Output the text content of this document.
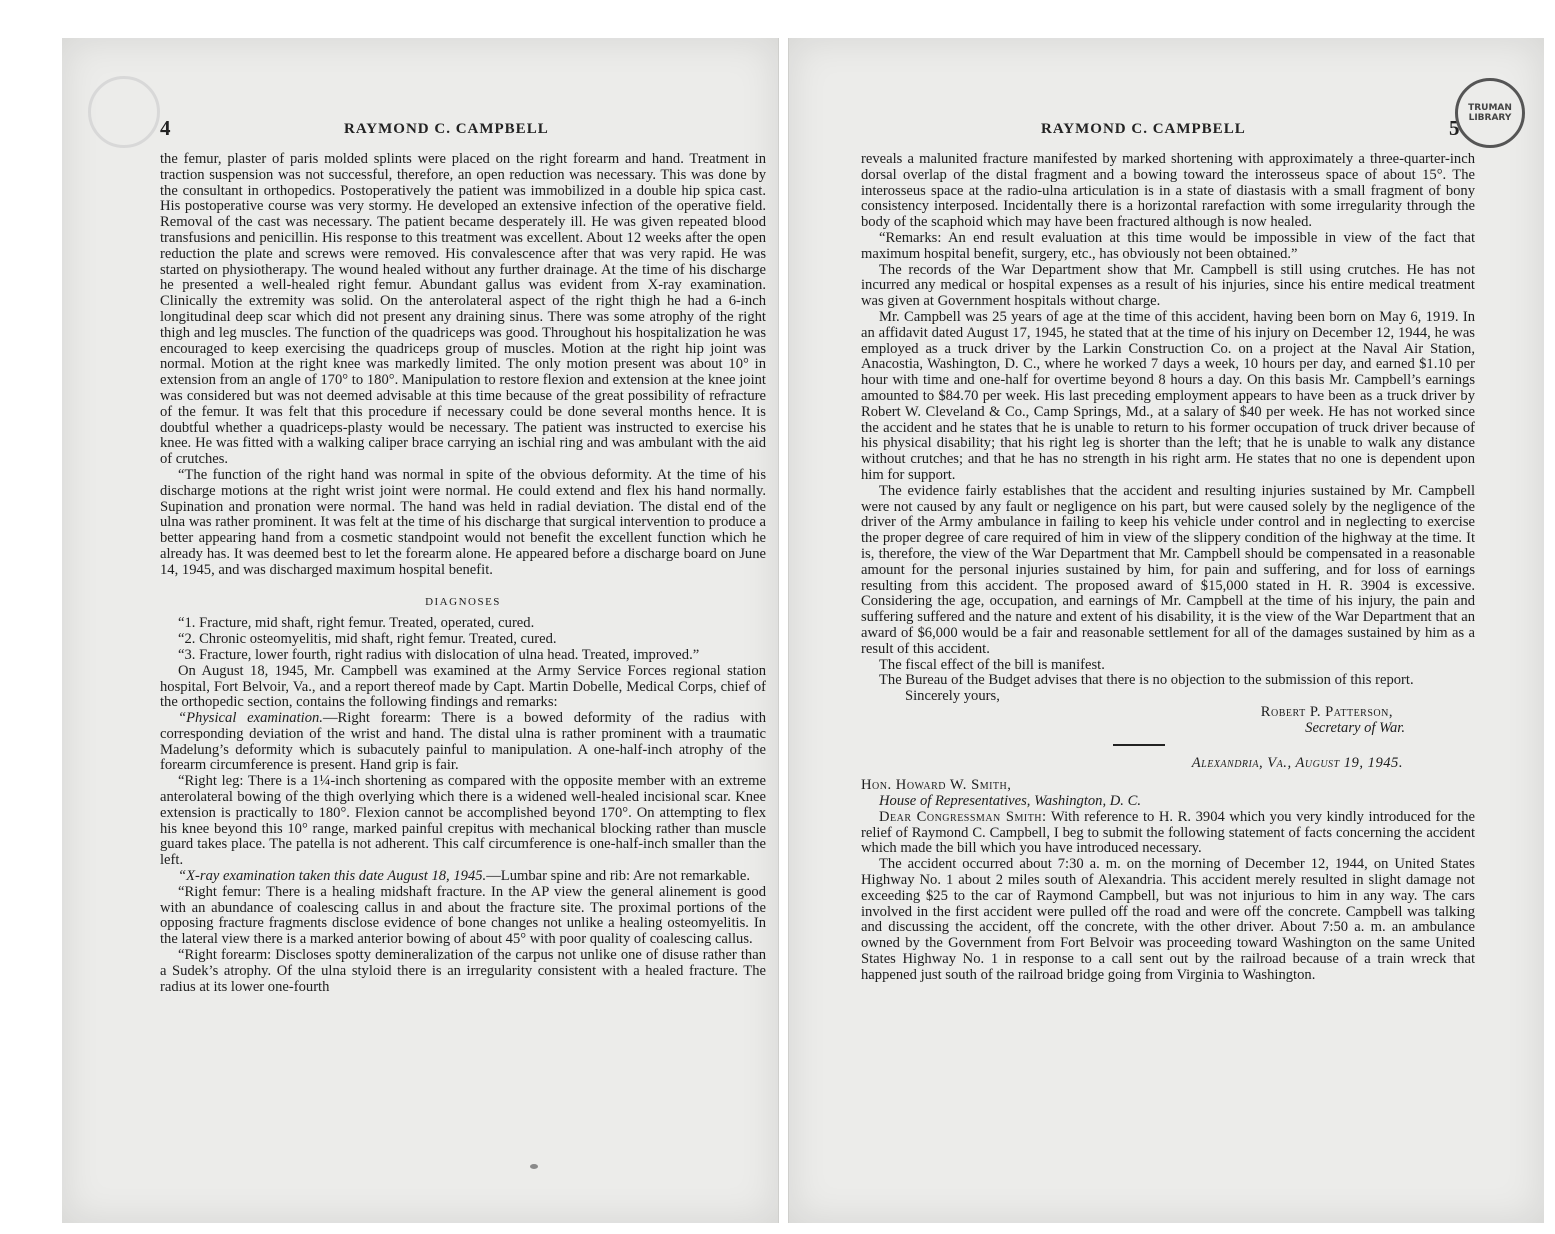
4	RAYMOND C. CAMPBELL

the femur, plaster of paris molded splints were placed on the right forearm and hand. Treatment in traction suspension was not successful, therefore, an open reduction was necessary. This was done by the consultant in orthopedics. Postoperatively the patient was immobilized in a double hip spica cast. His postoperative course was very stormy. He developed an extensive infection of the operative field. Removal of the cast was necessary. The patient became desperately ill. He was given repeated blood transfusions and penicillin. His response to this treatment was excellent. About 12 weeks after the open reduction the plate and screws were removed. His convalescence after that was very rapid. He was started on physiotherapy. The wound healed without any further drainage. At the time of his discharge he presented a well-healed right femur. Abundant gallus was evident from X-ray examination. Clinically the extremity was solid. On the anterolateral aspect of the right thigh he had a 6-inch longitudinal deep scar which did not present any draining sinus. There was some atrophy of the right thigh and leg muscles. The function of the quadriceps was good. Throughout his hospitalization he was encouraged to keep exercising the quadriceps group of muscles. Motion at the right hip joint was normal. Motion at the right knee was markedly limited. The only motion present was about 10° in extension from an angle of 170° to 180°. Manipulation to restore flexion and extension at the knee joint was considered but was not deemed advisable at this time because of the great possibility of refracture of the femur. It was felt that this procedure if necessary could be done several months hence. It is doubtful whether a quadriceps-plasty would be necessary. The patient was instructed to exercise his knee. He was fitted with a walking caliper brace carrying an ischial ring and was ambulant with the aid of crutches.

“The function of the right hand was normal in spite of the obvious deformity. At the time of his discharge motions at the right wrist joint were normal. He could extend and flex his hand normally. Supination and pronation were normal. The hand was held in radial deviation. The distal end of the ulna was rather prominent. It was felt at the time of his discharge that surgical intervention to produce a better appearing hand from a cosmetic standpoint would not benefit the excellent function which he already has. It was deemed best to let the forearm alone. He appeared before a discharge board on June 14, 1945, and was discharged maximum hospital benefit.

DIAGNOSES

“1. Fracture, mid shaft, right femur. Treated, operated, cured.

“2. Chronic osteomyelitis, mid shaft, right femur. Treated, cured.

“3. Fracture, lower fourth, right radius with dislocation of ulna head. Treated, improved.”

On August 18, 1945, Mr. Campbell was examined at the Army Service Forces regional station hospital, Fort Belvoir, Va., and a report thereof made by Capt. Martin Dobelle, Medical Corps, chief of the orthopedic section, contains the following findings and remarks:

“Physical examination.—Right forearm: There is a bowed deformity of the radius with corresponding deviation of the wrist and hand. The distal ulna is rather prominent with a traumatic Madelung’s deformity which is subacutely painful to manipulation. A one-half-inch atrophy of the forearm circumference is present. Hand grip is fair.

“Right leg: There is a 1¼-inch shortening as compared with the opposite member with an extreme anterolateral bowing of the thigh overlying which there is a widened well-healed incisional scar. Knee extension is practically to 180°. Flexion cannot be accomplished beyond 170°. On attempting to flex his knee beyond this 10° range, marked painful crepitus with mechanical blocking rather than muscle guard takes place. The patella is not adherent. This calf circumference is one-half-inch smaller than the left.

“X-ray examination taken this date August 18, 1945.—Lumbar spine and rib: Are not remarkable.

“Right femur: There is a healing midshaft fracture. In the AP view the general alinement is good with an abundance of coalescing callus in and about the fracture site. The proximal portions of the opposing fracture fragments disclose evidence of bone changes not unlike a healing osteomyelitis. In the lateral view there is a marked anterior bowing of about 45° with poor quality of coalescing callus.

“Right forearm: Discloses spotty demineralization of the carpus not unlike one of disuse rather than a Sudek’s atrophy. Of the ulna styloid there is an irregularity consistent with a healed fracture. The radius at its lower one-fourth

RAYMOND C. CAMPBELL	5
TRUMAN LIBRARY

reveals a malunited fracture manifested by marked shortening with approximately a three-quarter-inch dorsal overlap of the distal fragment and a bowing toward the interosseus space of about 15°. The interosseus space at the radio-ulna articulation is in a state of diastasis with a small fragment of bony consistency interposed. Incidentally there is a horizontal rarefaction with some irregularity through the body of the scaphoid which may have been fractured although is now healed.

“Remarks: An end result evaluation at this time would be impossible in view of the fact that maximum hospital benefit, surgery, etc., has obviously not been obtained.”

The records of the War Department show that Mr. Campbell is still using crutches. He has not incurred any medical or hospital expenses as a result of his injuries, since his entire medical treatment was given at Government hospitals without charge.

Mr. Campbell was 25 years of age at the time of this accident, having been born on May 6, 1919. In an affidavit dated August 17, 1945, he stated that at the time of his injury on December 12, 1944, he was employed as a truck driver by the Larkin Construction Co. on a project at the Naval Air Station, Anacostia, Washington, D. C., where he worked 7 days a week, 10 hours per day, and earned $1.10 per hour with time and one-half for overtime beyond 8 hours a day. On this basis Mr. Campbell’s earnings amounted to $84.70 per week. His last preceding employment appears to have been as a truck driver by Robert W. Cleveland & Co., Camp Springs, Md., at a salary of $40 per week. He has not worked since the accident and he states that he is unable to return to his former occupation of truck driver because of his physical disability; that his right leg is shorter than the left; that he is unable to walk any distance without crutches; and that he has no strength in his right arm. He states that no one is dependent upon him for support.

The evidence fairly establishes that the accident and resulting injuries sustained by Mr. Campbell were not caused by any fault or negligence on his part, but were caused solely by the negligence of the driver of the Army ambulance in failing to keep his vehicle under control and in neglecting to exercise the proper degree of care required of him in view of the slippery condition of the highway at the time. It is, therefore, the view of the War Department that Mr. Campbell should be compensated in a reasonable amount for the personal injuries sustained by him, for pain and suffering, and for loss of earnings resulting from this accident. The proposed award of $15,000 stated in H. R. 3904 is excessive. Considering the age, occupation, and earnings of Mr. Campbell at the time of his injury, the pain and suffering suffered and the nature and extent of his disability, it is the view of the War Department that an award of $6,000 would be a fair and reasonable settlement for all of the damages sustained by him as a result of this accident.

The fiscal effect of the bill is manifest.

The Bureau of the Budget advises that there is no objection to the submission of this report.

Sincerely yours,

Robert P. Patterson,

Secretary of War.

Alexandria, Va., August 19, 1945.

Hon. Howard W. Smith,

House of Representatives, Washington, D. C.

Dear Congressman Smith: With reference to H. R. 3904 which you very kindly introduced for the relief of Raymond C. Campbell, I beg to submit the following statement of facts concerning the accident which made the bill which you have introduced necessary.

The accident occurred about 7:30 a. m. on the morning of December 12, 1944, on United States Highway No. 1 about 2 miles south of Alexandria. This accident merely resulted in slight damage not exceeding $25 to the car of Raymond Campbell, but was not injurious to him in any way. The cars involved in the first accident were pulled off the road and were off the concrete. Campbell was talking and discussing the accident, off the concrete, with the other driver. About 7:50 a. m. an ambulance owned by the Government from Fort Belvoir was proceeding toward Washington on the same United States Highway No. 1 in response to a call sent out by the railroad because of a train wreck that happened just south of the railroad bridge going from Virginia to Washington.
